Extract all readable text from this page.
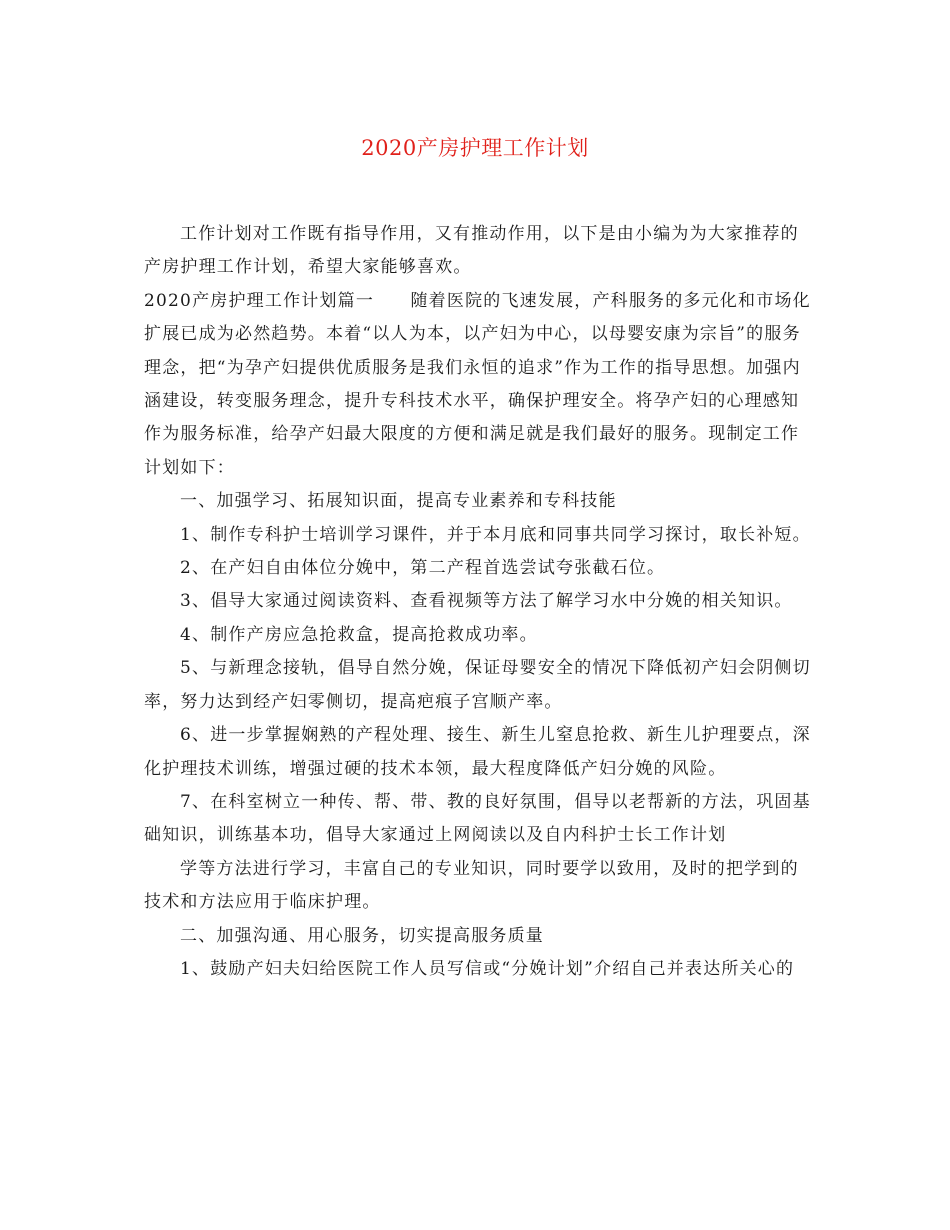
2020产房护理工作计划

工作计划对工作既有指导作用，又有推动作用，以下是由小编为为大家推荐的产房护理工作计划，希望大家能够喜欢。

2020产房护理工作计划篇一　　随着医院的飞速发展，产科服务的多元化和市场化扩展已成为必然趋势。本着“以人为本，以产妇为中心，以母婴安康为宗旨”的服务理念，把“为孕产妇提供优质服务是我们永恒的追求”作为工作的指导思想。加强内涵建设，转变服务理念，提升专科技术水平，确保护理安全。将孕产妇的心理感知作为服务标准，给孕产妇最大限度的方便和满足就是我们最好的服务。现制定工作计划如下：

一、加强学习、拓展知识面，提高专业素养和专科技能

1、制作专科护士培训学习课件，并于本月底和同事共同学习探讨，取长补短。

2、在产妇自由体位分娩中，第二产程首选尝试夸张截石位。

3、倡导大家通过阅读资料、查看视频等方法了解学习水中分娩的相关知识。

4、制作产房应急抢救盒，提高抢救成功率。

5、与新理念接轨，倡导自然分娩，保证母婴安全的情况下降低初产妇会阴侧切率，努力达到经产妇零侧切，提高疤痕子宫顺产率。

6、进一步掌握娴熟的产程处理、接生、新生儿窒息抢救、新生儿护理要点，深化护理技术训练，增强过硬的技术本领，最大程度降低产妇分娩的风险。

7、在科室树立一种传、帮、带、教的良好氛围，倡导以老帮新的方法，巩固基础知识，训练基本功，倡导大家通过上网阅读以及自内科护士长工作计划

学等方法进行学习，丰富自己的专业知识，同时要学以致用，及时的把学到的技术和方法应用于临床护理。

二、加强沟通、用心服务，切实提高服务质量

1、鼓励产妇夫妇给医院工作人员写信或“分娩计划”介绍自己并表达所关心的
